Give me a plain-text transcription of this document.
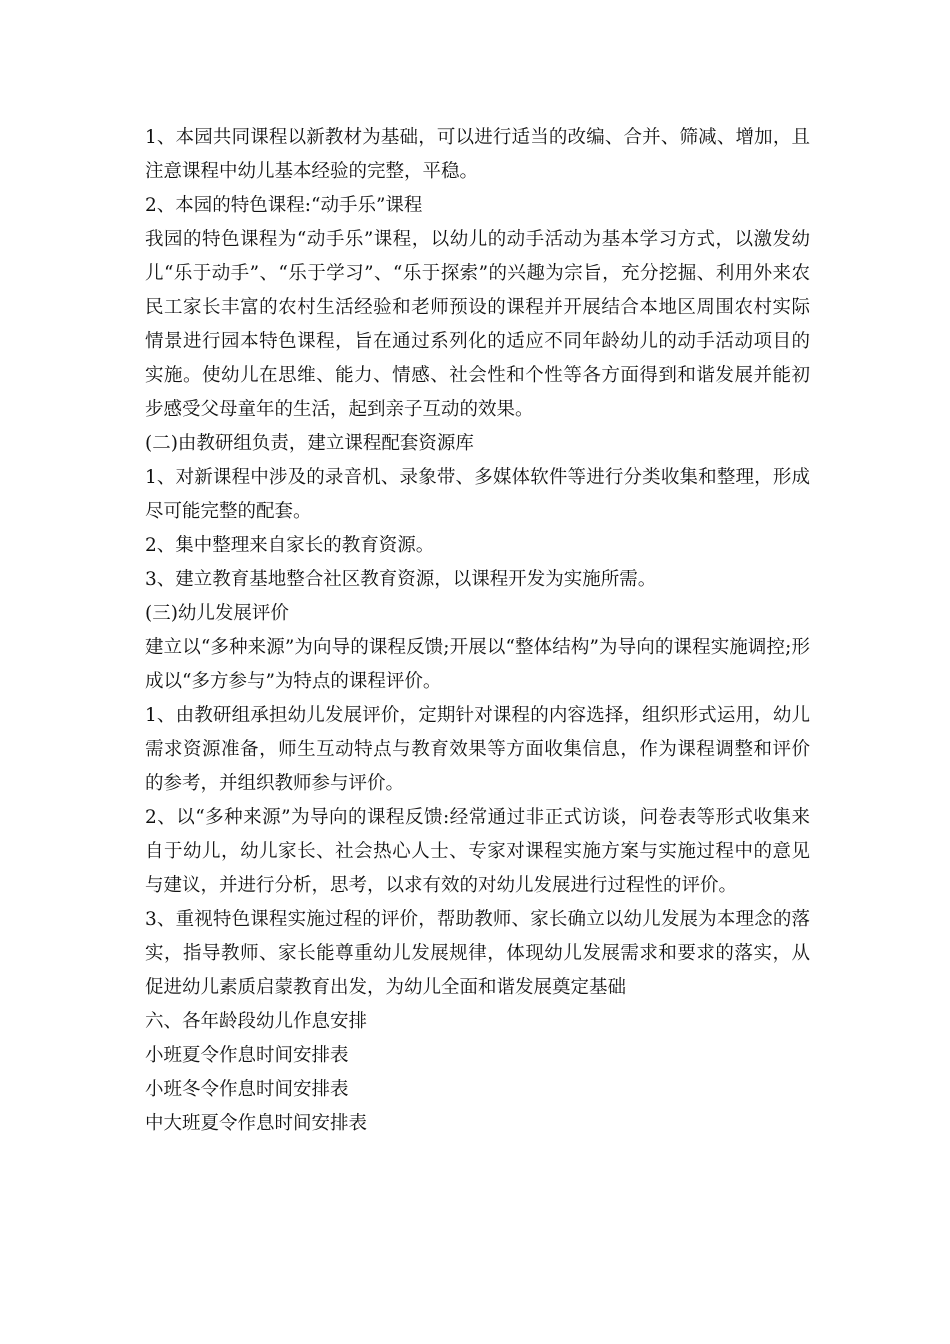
1、本园共同课程以新教材为基础，可以进行适当的改编、合并、筛减、增加，且注意课程中幼儿基本经验的完整，平稳。

2、本园的特色课程:“动手乐”课程

我园的特色课程为“动手乐”课程，以幼儿的动手活动为基本学习方式，以激发幼儿“乐于动手”、“乐于学习”、“乐于探索”的兴趣为宗旨，充分挖掘、利用外来农民工家长丰富的农村生活经验和老师预设的课程并开展结合本地区周围农村实际情景进行园本特色课程，旨在通过系列化的适应不同年龄幼儿的动手活动项目的实施。使幼儿在思维、能力、情感、社会性和个性等各方面得到和谐发展并能初步感受父母童年的生活，起到亲子互动的效果。

(二)由教研组负责，建立课程配套资源库

1、对新课程中涉及的录音机、录象带、多媒体软件等进行分类收集和整理，形成尽可能完整的配套。

2、集中整理来自家长的教育资源。

3、建立教育基地整合社区教育资源，以课程开发为实施所需。

(三)幼儿发展评价

建立以“多种来源”为向导的课程反馈;开展以“整体结构”为导向的课程实施调控;形成以“多方参与”为特点的课程评价。

1、由教研组承担幼儿发展评价，定期针对课程的内容选择，组织形式运用，幼儿需求资源准备，师生互动特点与教育效果等方面收集信息，作为课程调整和评价的参考，并组织教师参与评价。

2、以“多种来源”为导向的课程反馈:经常通过非正式访谈，问卷表等形式收集来自于幼儿，幼儿家长、社会热心人士、专家对课程实施方案与实施过程中的意见与建议，并进行分析，思考，以求有效的对幼儿发展进行过程性的评价。

3、重视特色课程实施过程的评价，帮助教师、家长确立以幼儿发展为本理念的落实，指导教师、家长能尊重幼儿发展规律，体现幼儿发展需求和要求的落实，从促进幼儿素质启蒙教育出发，为幼儿全面和谐发展奠定基础

六、各年龄段幼儿作息安排

小班夏令作息时间安排表

小班冬令作息时间安排表

中大班夏令作息时间安排表
